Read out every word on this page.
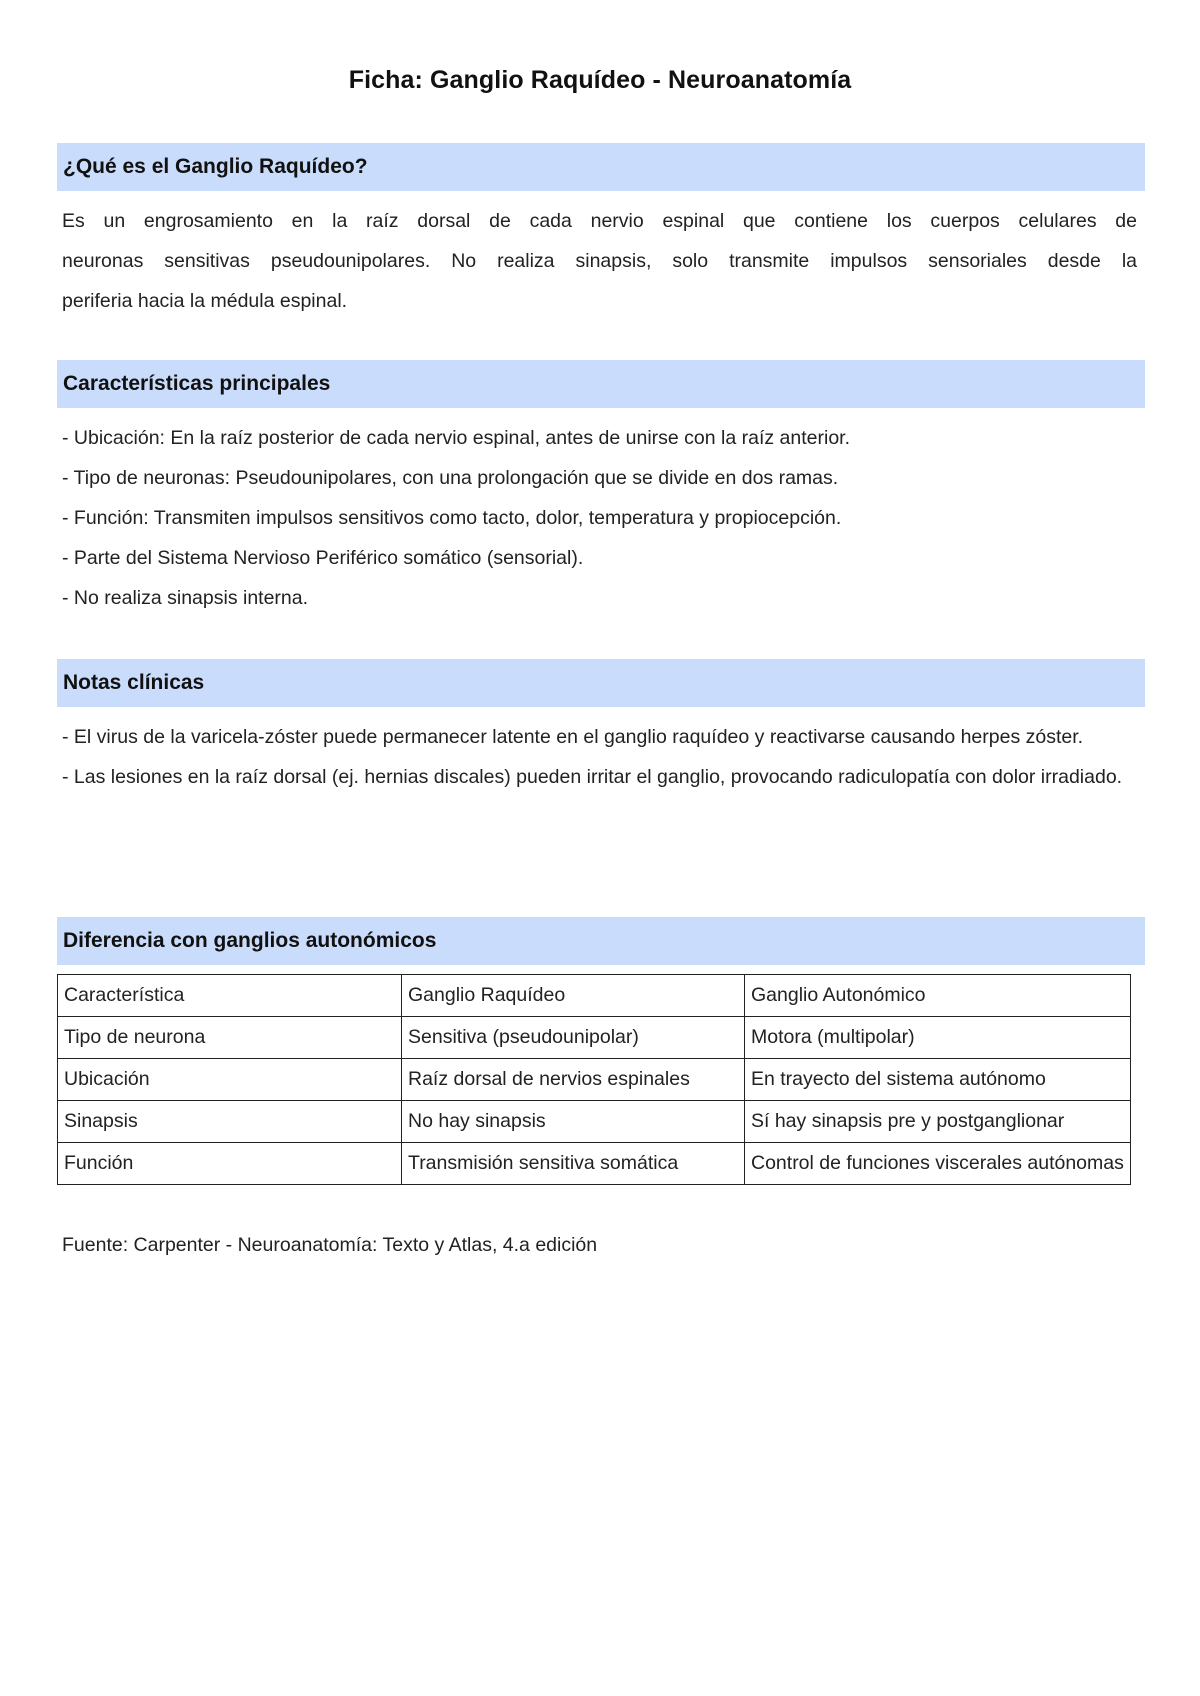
Ficha: Ganglio Raquídeo - Neuroanatomía
¿Qué es el Ganglio Raquídeo?
Es un engrosamiento en la raíz dorsal de cada nervio espinal que contiene los cuerpos celulares de
neuronas sensitivas pseudounipolares. No realiza sinapsis, solo transmite impulsos sensoriales desde la
periferia hacia la médula espinal.
Características principales
- Ubicación: En la raíz posterior de cada nervio espinal, antes de unirse con la raíz anterior.
- Tipo de neuronas: Pseudounipolares, con una prolongación que se divide en dos ramas.
- Función: Transmiten impulsos sensitivos como tacto, dolor, temperatura y propiocepción.
- Parte del Sistema Nervioso Periférico somático (sensorial).
- No realiza sinapsis interna.
Notas clínicas
- El virus de la varicela-zóster puede permanecer latente en el ganglio raquídeo y reactivarse causando herpes zóster.
- Las lesiones en la raíz dorsal (ej. hernias discales) pueden irritar el ganglio, provocando radiculopatía con dolor irradiado.
Diferencia con ganglios autonómicos
Característica	Ganglio Raquídeo	Ganglio Autonómico
Tipo de neurona	Sensitiva (pseudounipolar)	Motora (multipolar)
Ubicación	Raíz dorsal de nervios espinales	En trayecto del sistema autónomo
Sinapsis	No hay sinapsis	Sí hay sinapsis pre y postganglionar
Función	Transmisión sensitiva somática	Control de funciones viscerales autónomas
Fuente: Carpenter - Neuroanatomía: Texto y Atlas, 4.a edición
